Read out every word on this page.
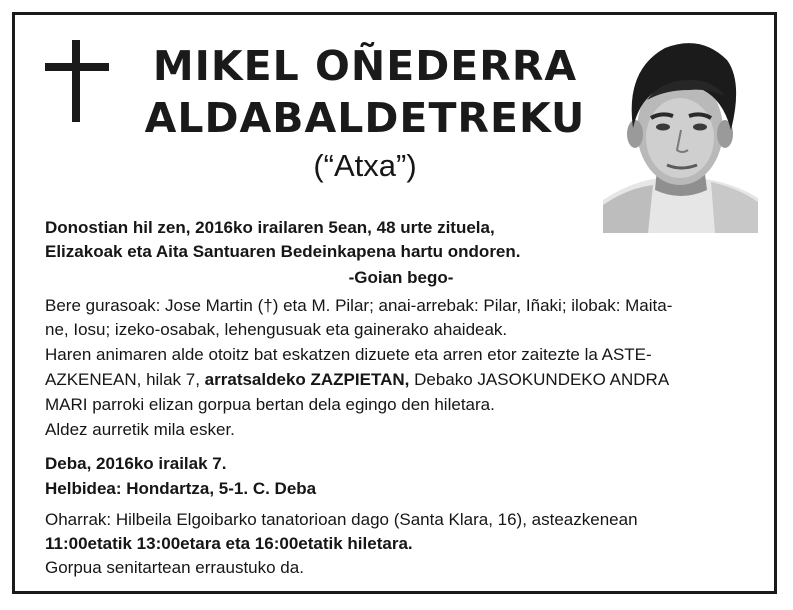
MIKEL OÑEDERRA
ALDABALDETREKU
(“Atxa”)
Donostian hil zen, 2016ko irailaren 5ean, 48 urte zituela,
Elizakoak eta Aita Santuaren Bedeinkapena hartu ondoren.
-Goian bego-
Bere gurasoak: Jose Martin (†) eta M. Pilar; anai-arrebak: Pilar, Iñaki; ilobak: Maita-
ne, Iosu; izeko-osabak, lehengusuak eta gainerako ahaideak.
Haren animaren alde otoitz bat eskatzen dizuete eta arren etor zaitezte la ASTE-
AZKENEAN, hilak 7, arratsaldeko ZAZPIETAN, Debako JASOKUNDEKO ANDRA
MARI parroki elizan gorpua bertan dela egingo den hiletara.
Aldez aurretik mila esker.
Deba, 2016ko irailak 7.
Helbidea: Hondartza, 5-1. C. Deba
Oharrak: Hilbeila Elgoibarko tanatorioan dago (Santa Klara, 16), asteazkenean
11:00etatik 13:00etara eta 16:00etatik hiletara.
Gorpua senitartean erraustuko da.
